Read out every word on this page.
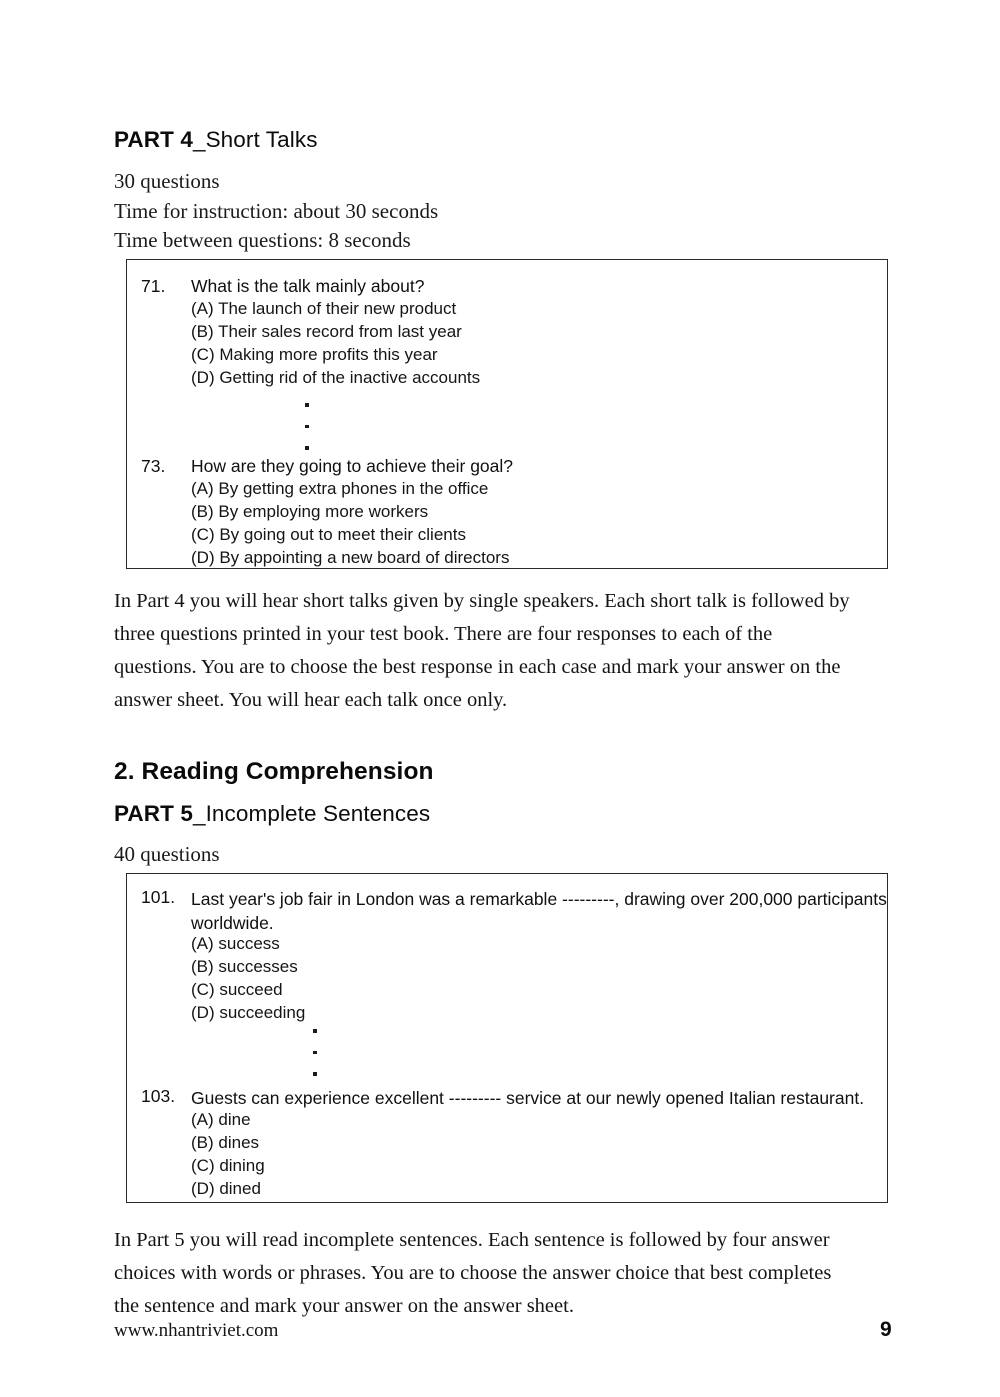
PART 4_Short Talks
30 questions
Time for instruction: about 30 seconds
Time between questions: 8 seconds
71. What is the talk mainly about?
(A) The launch of their new product
(B) Their sales record from last year
(C) Making more profits this year
(D) Getting rid of the inactive accounts
73. How are they going to achieve their goal?
(A) By getting extra phones in the office
(B) By employing more workers
(C) By going out to meet their clients
(D) By appointing a new board of directors
In Part 4 you will hear short talks given by single speakers. Each short talk is followed by
three questions printed in your test book. There are four responses to each of the
questions. You are to choose the best response in each case and mark your answer on the
answer sheet. You will hear each talk once only.
2. Reading Comprehension
PART 5_Incomplete Sentences
40 questions
101. Last year's job fair in London was a remarkable ---------, drawing over 200,000 participants
worldwide.
(A) success
(B) successes
(C) succeed
(D) succeeding
103. Guests can experience excellent --------- service at our newly opened Italian restaurant.
(A) dine
(B) dines
(C) dining
(D) dined
In Part 5 you will read incomplete sentences. Each sentence is followed by four answer
choices with words or phrases. You are to choose the answer choice that best completes
the sentence and mark your answer on the answer sheet.
www.nhantriviet.com	9
